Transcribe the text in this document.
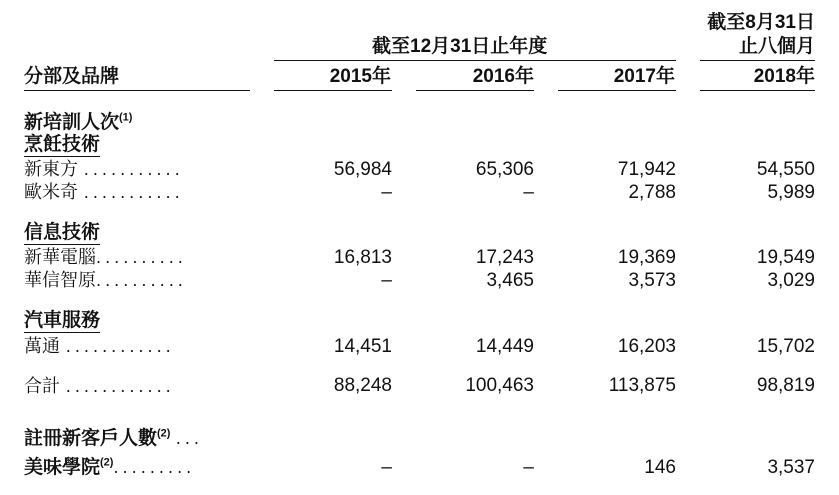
截至12月31日止年度
截至8月31日
止八個月
分部及品牌	2015年	2016年	2017年	2018年
新培訓人次$^{(1)}$
烹飪技術
新東方 ...........	56,984	65,306	71,942	54,550
歐米奇 ...........	–	–	2,788	5,989
信息技術
新華電腦..........	16,813	17,243	19,369	19,549
華信智原..........	–	3,465	3,573	3,029
汽車服務
萬通 ............	14,451	14,449	16,203	15,702
合計 ............	88,248	100,463	113,875	98,819
註冊新客戶人數$^{(2)}$ ...
美味學院$^{(2)}$.........	–	–	146	3,537
